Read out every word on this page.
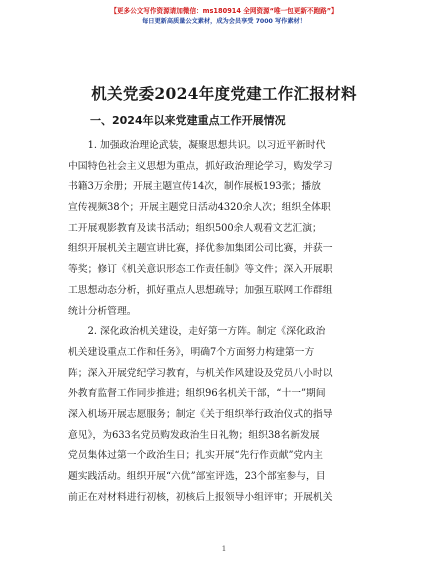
【更多公文写作资源请加微信：ms180914 全网资源“唯一包更新不跑路”】
每日更新高质量公文素材，成为会员享受 7000 写作素材！
机关党委2024年度党建工作汇报材料
一、2024年以来党建重点工作开展情况
　　1. 加强政治理论武装，凝聚思想共识。以习近平新时代
中国特色社会主义思想为重点，抓好政治理论学习，购发学习
书籍3万余册；开展主题宣传14次，制作展板193张；播放
宣传视频38个；开展主题党日活动4320余人次；组织全体职
工开展观影教育及读书活动；组织500余人观看文艺汇演；
组织开展机关主题宣讲比赛，择优参加集团公司比赛，并获一
等奖；修订《机关意识形态工作责任制》等文件；深入开展职
工思想动态分析，抓好重点人思想疏导；加强互联网工作群组
统计分析管理。
　　2. 深化政治机关建设，走好第一方阵。制定《深化政治
机关建设重点工作和任务》，明确7个方面努力构建第一方
阵；深入开展党纪学习教育，与机关作风建设及党员八小时以
外教育监督工作同步推进；组织96名机关干部，“十一”期间
深入机场开展志愿服务；制定《关于组织举行政治仪式的指导
意见》，为633名党员购发政治生日礼物；组织38名新发展
党员集体过第一个政治生日；扎实开展“先行作贡献”党内主
题实践活动。组织开展“六优”部室评选，23个部室参与，目
前正在对材料进行初核，初核后上报领导小组评审；开展机关
1
